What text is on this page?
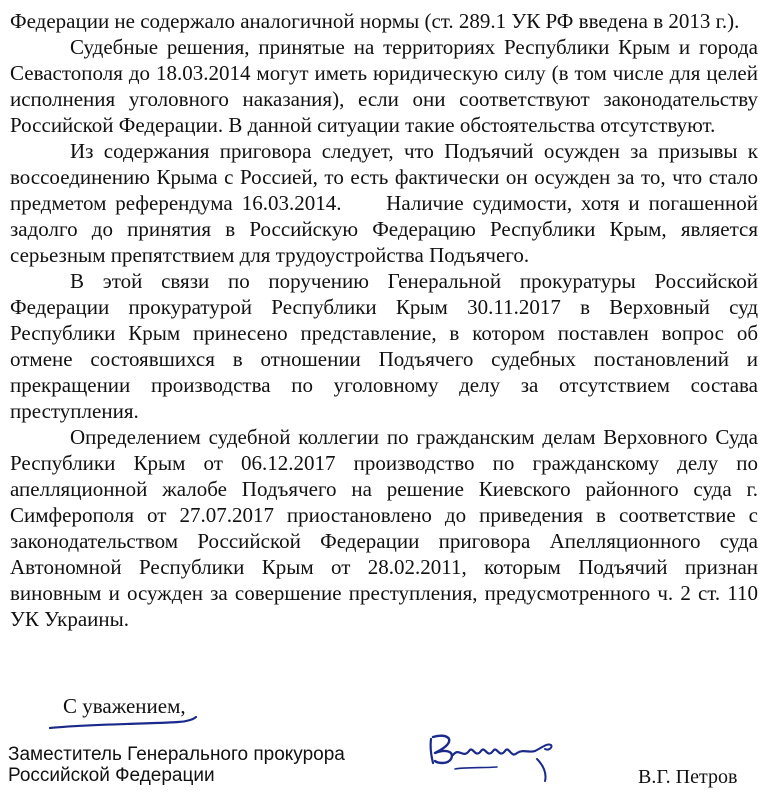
Федерации не содержало аналогичной нормы (ст. 289.1 УК РФ введена в 2013 г.).

Судебные решения, принятые на территориях Республики Крым и города Севастополя до 18.03.2014 могут иметь юридическую силу (в том числе для целей исполнения уголовного наказания), если они соответствуют законодательству Российской Федерации. В данной ситуации такие обстоятельства отсутствуют.

Из содержания приговора следует, что Подъячий осужден за призывы к воссоединению Крыма с Россией, то есть фактически он осужден за то, что стало предметом референдума 16.03.2014.     Наличие судимости, хотя и погашенной задолго до принятия в Российскую Федерацию Республики Крым, является серьезным препятствием для трудоустройства Подъячего.

В этой связи по поручению Генеральной прокуратуры Российской Федерации прокуратурой Республики Крым 30.11.2017 в Верховный суд Республики Крым принесено представление, в котором поставлен вопрос об отмене состоявшихся в отношении Подъячего судебных постановлений и прекращении производства по уголовному делу за отсутствием состава преступления.

Определением судебной коллегии по гражданским делам Верховного Суда Республики Крым от 06.12.2017 производство по гражданскому делу по апелляционной жалобе Подъячего на решение Киевского районного суда г. Симферополя от 27.07.2017 приостановлено до приведения в соответствие с законодательством Российской Федерации приговора Апелляционного суда Автономной Республики Крым от 28.02.2011, которым Подъячий признан виновным и осужден за совершение преступления, предусмотренного ч. 2 ст. 110 УК Украины.

С уважением,
Заместитель Генерального прокурора
Российской Федерации	В.Г. Петров
